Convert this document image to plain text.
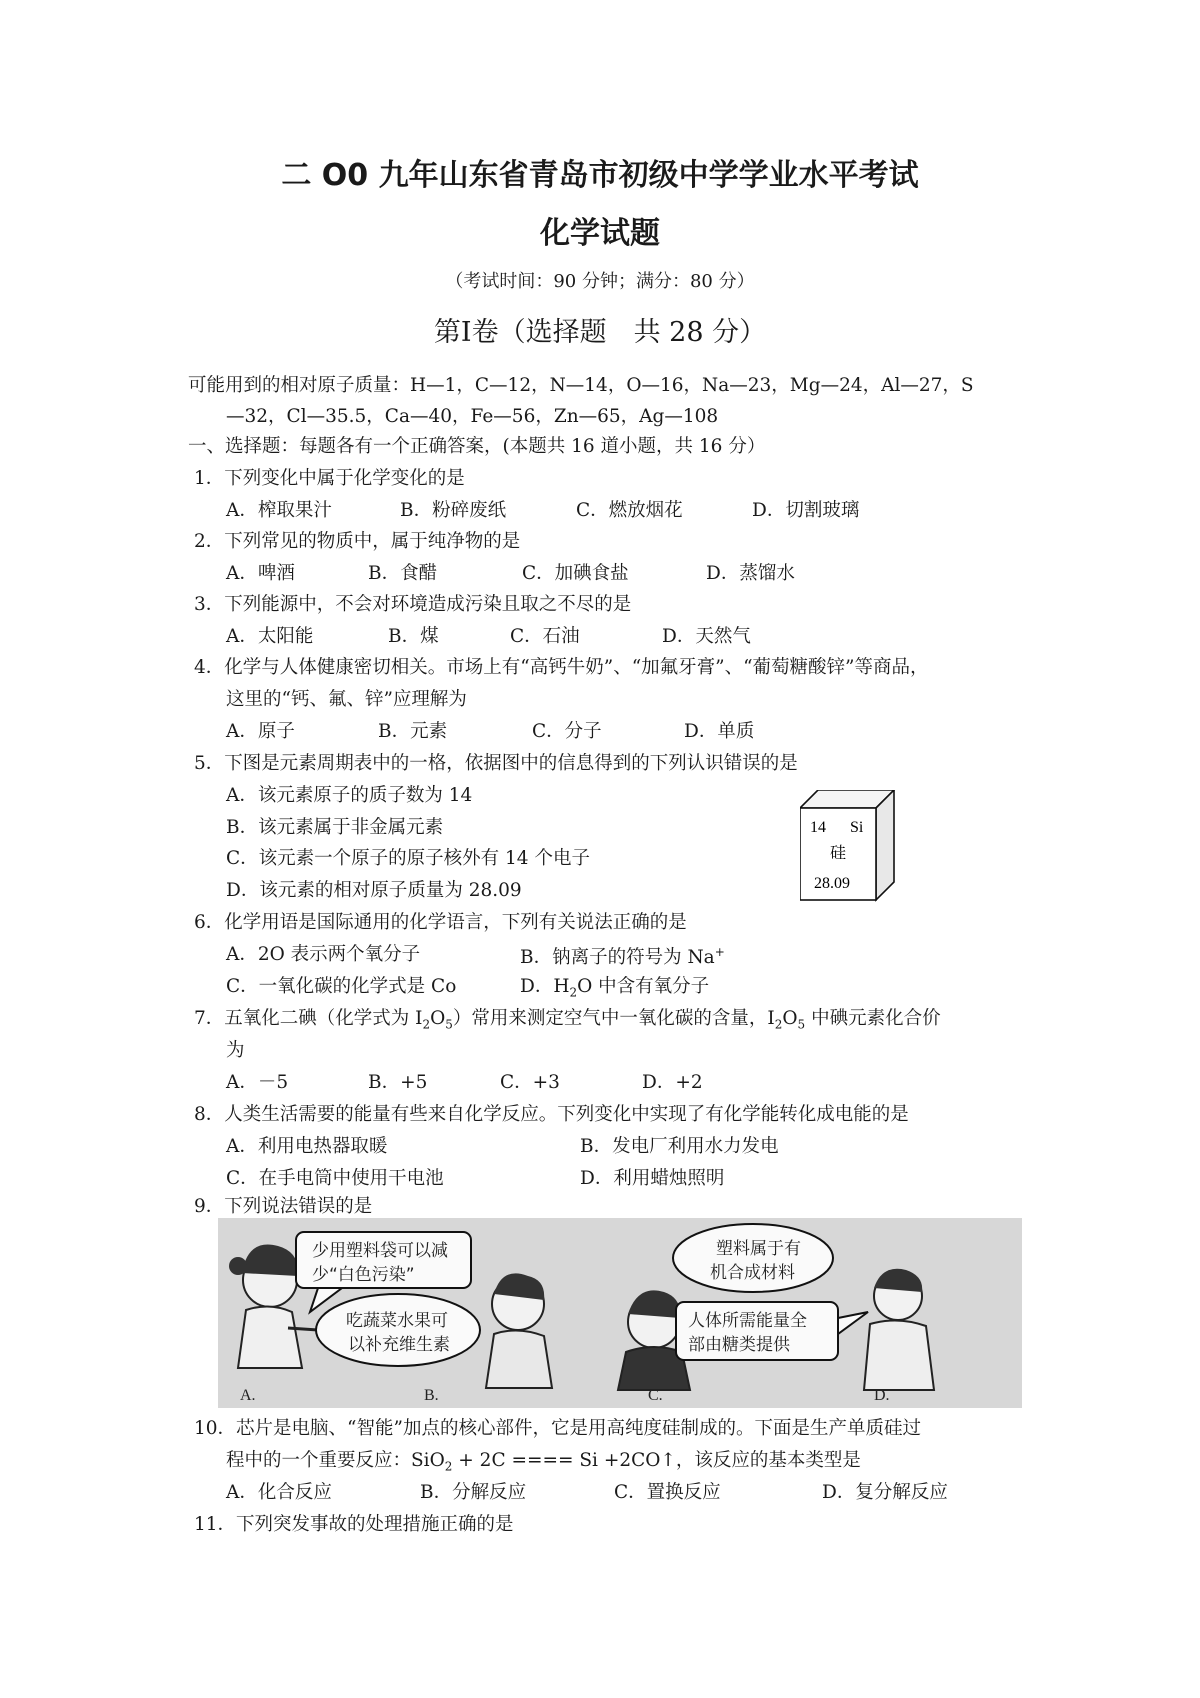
二 O0 九年山东省青岛市初级中学学业水平考试
化学试题
（考试时间：90 分钟；满分：80 分）
第Ⅰ卷（选择题　共 28 分）
可能用到的相对原子质量：H—1，C—12，N—14，O—16，Na—23，Mg—24，Al—27，S
—32，Cl—35.5，Ca—40，Fe—56，Zn—65，Ag—108
一、选择题：每题各有一个正确答案，(本题共 16 道小题，共 16 分）
1．下列变化中属于化学变化的是
A．榨取果汁	B．粉碎废纸	C．燃放烟花	D．切割玻璃
2．下列常见的物质中，属于纯净物的是
A．啤酒	B．食醋	C．加碘食盐	D．蒸馏水
3．下列能源中，不会对环境造成污染且取之不尽的是
A．太阳能	B．煤	C．石油	D．天然气
4．化学与人体健康密切相关。市场上有“高钙牛奶”、“加氟牙膏”、“葡萄糖酸锌”等商品，
这里的“钙、氟、锌”应理解为
A．原子	B．元素	C．分子	D．单质
5．下图是元素周期表中的一格，依据图中的信息得到的下列认识错误的是
A．该元素原子的质子数为 14
B．该元素属于非金属元素
C．该元素一个原子的原子核外有 14 个电子
D．该元素的相对原子质量为 28.09
14 Si
硅
28.09
6．化学用语是国际通用的化学语言，下列有关说法正确的是
A．2O 表示两个氧分子	B．钠离子的符号为 Na+
C．一氧化碳的化学式是 Co	D．$H_2O$ 中含有氧分子
7．五氧化二碘（化学式为 $I_2O_5$）常用来测定空气中一氧化碳的含量，$I_2O_5$ 中碘元素化合价
为
A．－5	B．+5	C．+3	D．+2
8．人类生活需要的能量有些来自化学反应。下列变化中实现了有化学能转化成电能的是
A．利用电热器取暖	B．发电厂利用水力发电
C．在手电筒中使用干电池	D．利用蜡烛照明
9．下列说法错误的是
少用塑料袋可以减
少“白色污染”
吃蔬菜水果可
以补充维生素
塑料属于有
机合成材料
人体所需能量全
部由糖类提供
A.	B.	C.	D.
10．芯片是电脑、“智能”加点的核心部件，它是用高纯度硅制成的。下面是生产单质硅过
程中的一个重要反应：SiO$_2$ + 2C ==== Si +2CO↑，该反应的基本类型是
A．化合反应	B．分解反应	C．置换反应	D．复分解反应
11．下列突发事故的处理措施正确的是
